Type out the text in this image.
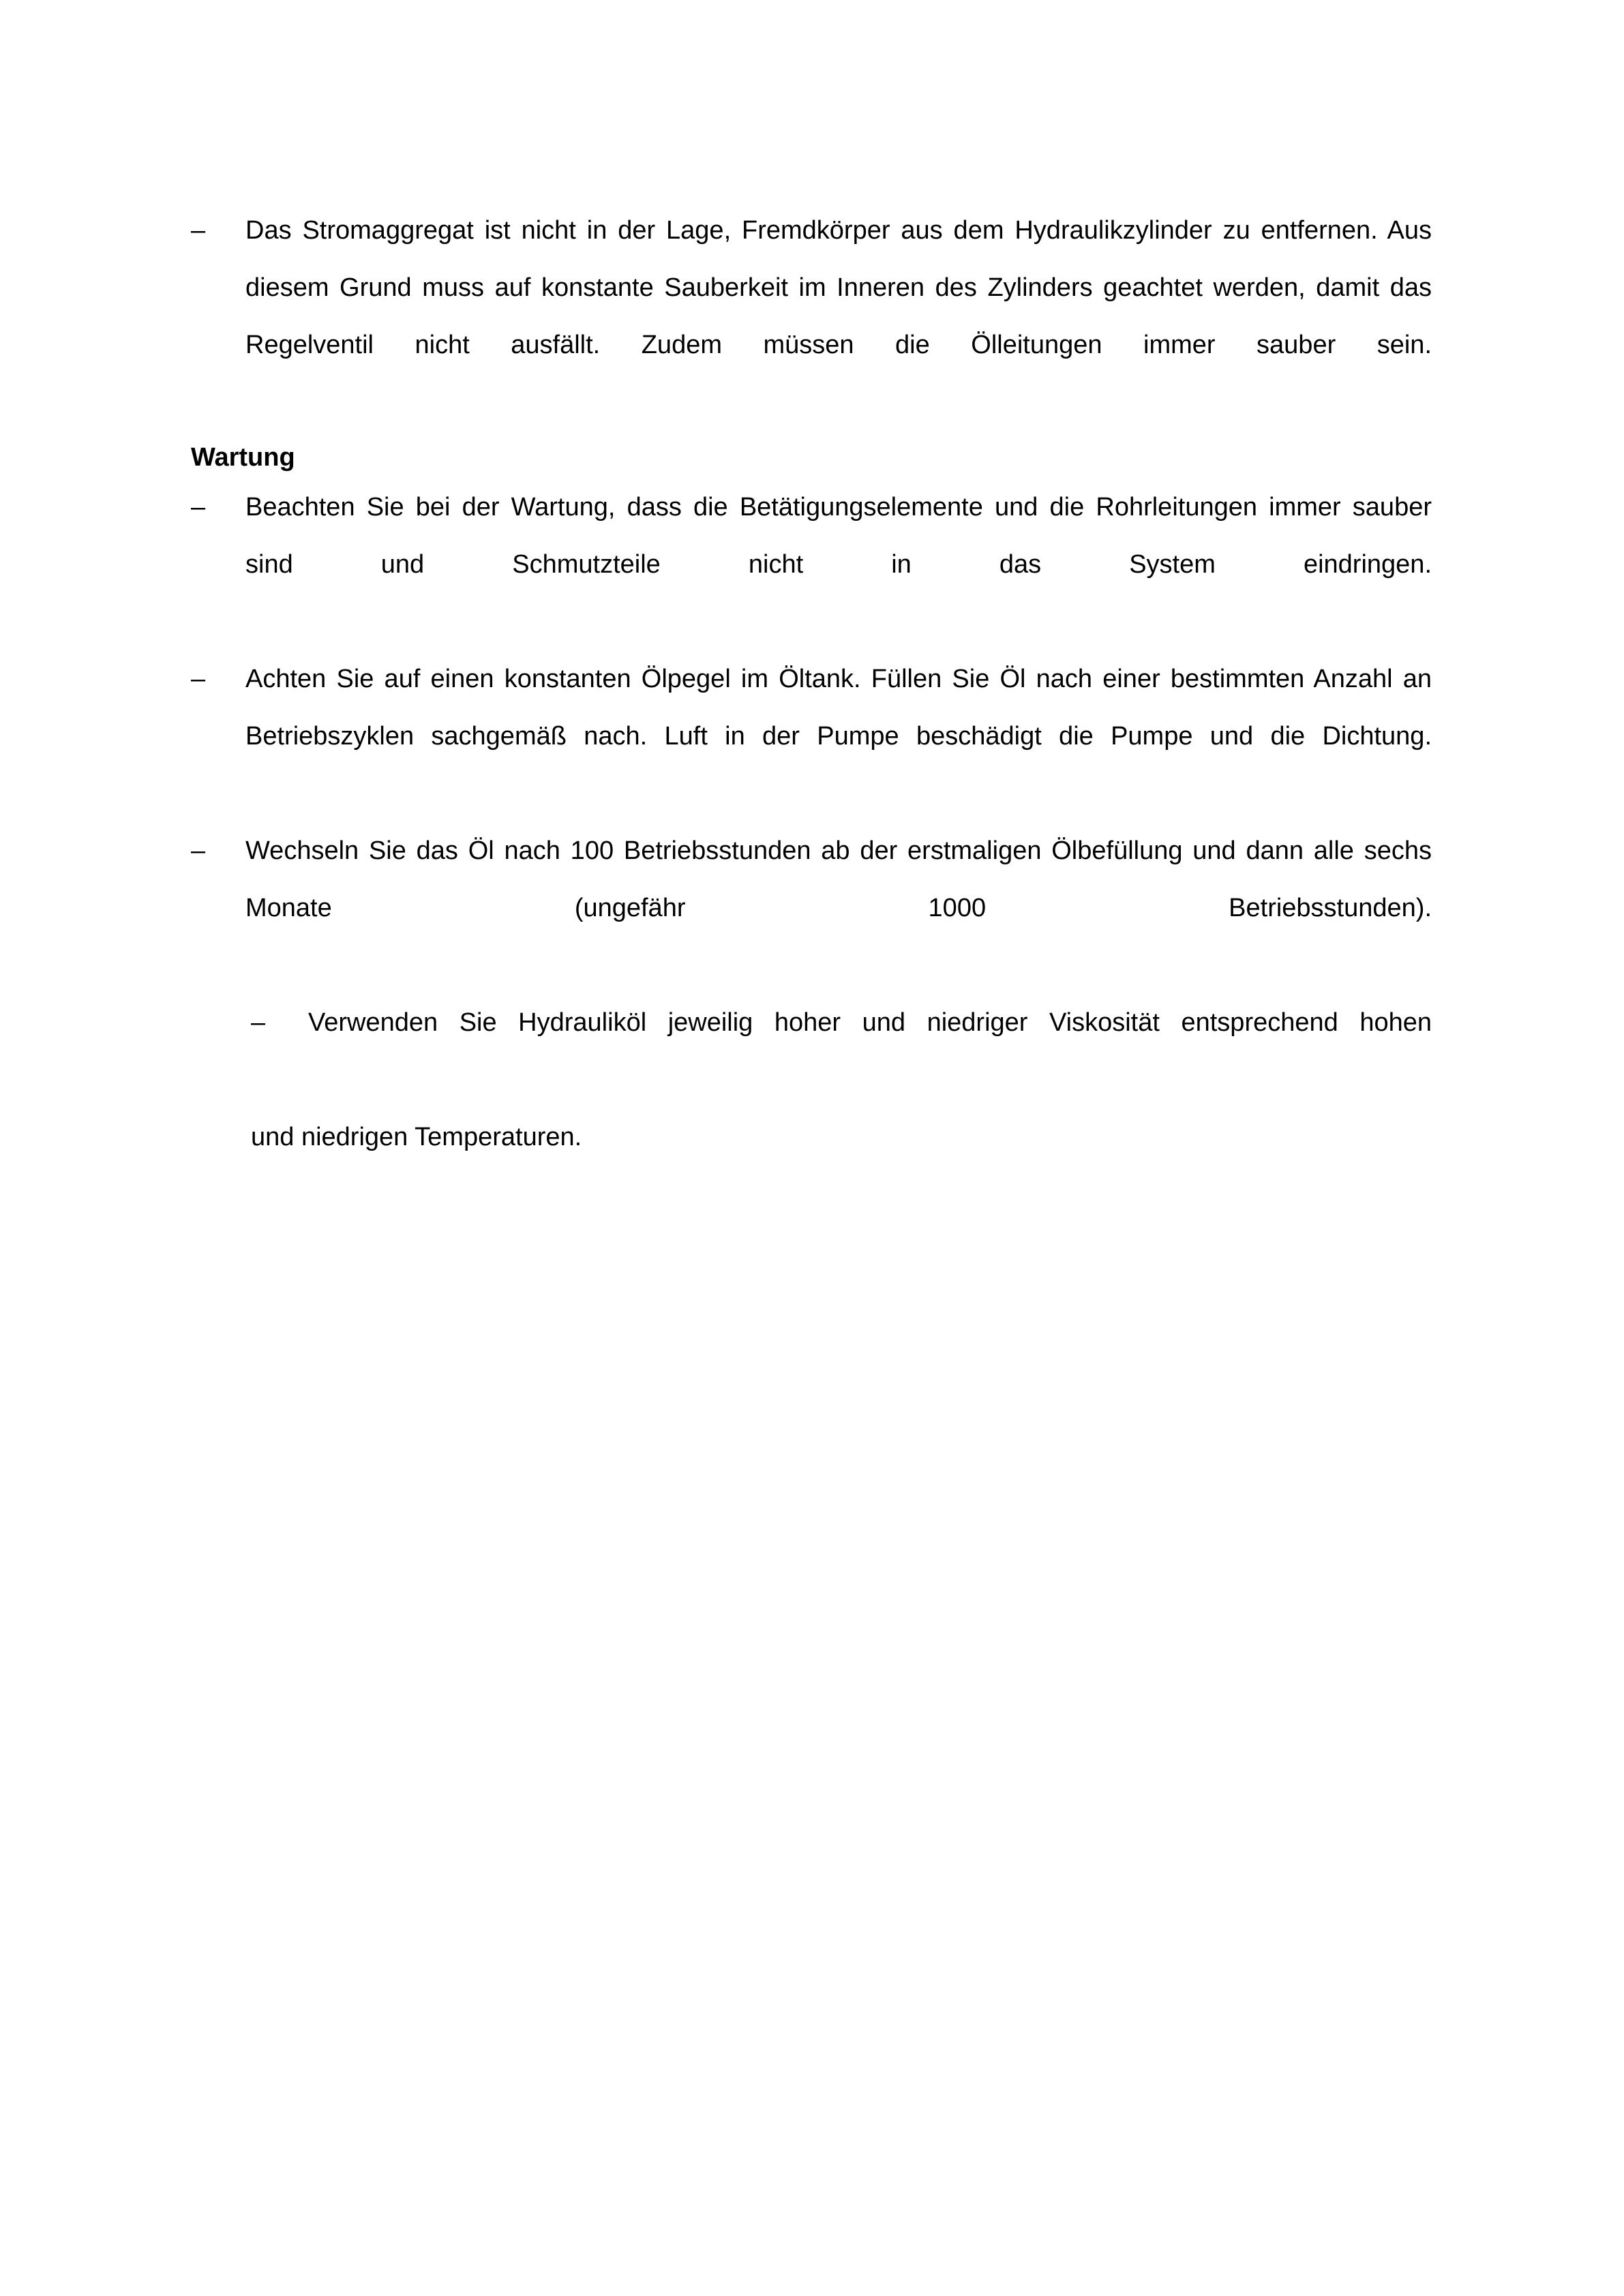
–	Das Stromaggregat ist nicht in der Lage, Fremdkörper aus dem Hydraulikzylinder zu entfernen. Aus diesem Grund muss auf konstante Sauberkeit im Inneren des Zylinders geachtet werden, damit das Regelventil nicht ausfällt. Zudem müssen die Ölleitungen immer sauber sein.
Wartung
–	Beachten Sie bei der Wartung, dass die Betätigungselemente und die Rohrleitungen immer sauber sind und Schmutzteile nicht in das System eindringen.
–	Achten Sie auf einen konstanten Ölpegel im Öltank. Füllen Sie Öl nach einer bestimmten Anzahl an Betriebszyklen sachgemäß nach. Luft in der Pumpe beschädigt die Pumpe und die Dichtung.
–	Wechseln Sie das Öl nach 100 Betriebsstunden ab der erstmaligen Ölbefüllung und dann alle sechs Monate (ungefähr 1000 Betriebsstunden).
–	Verwenden Sie Hydrauliköl jeweilig hoher und niedriger Viskosität entsprechend hohen
und niedrigen Temperaturen.
